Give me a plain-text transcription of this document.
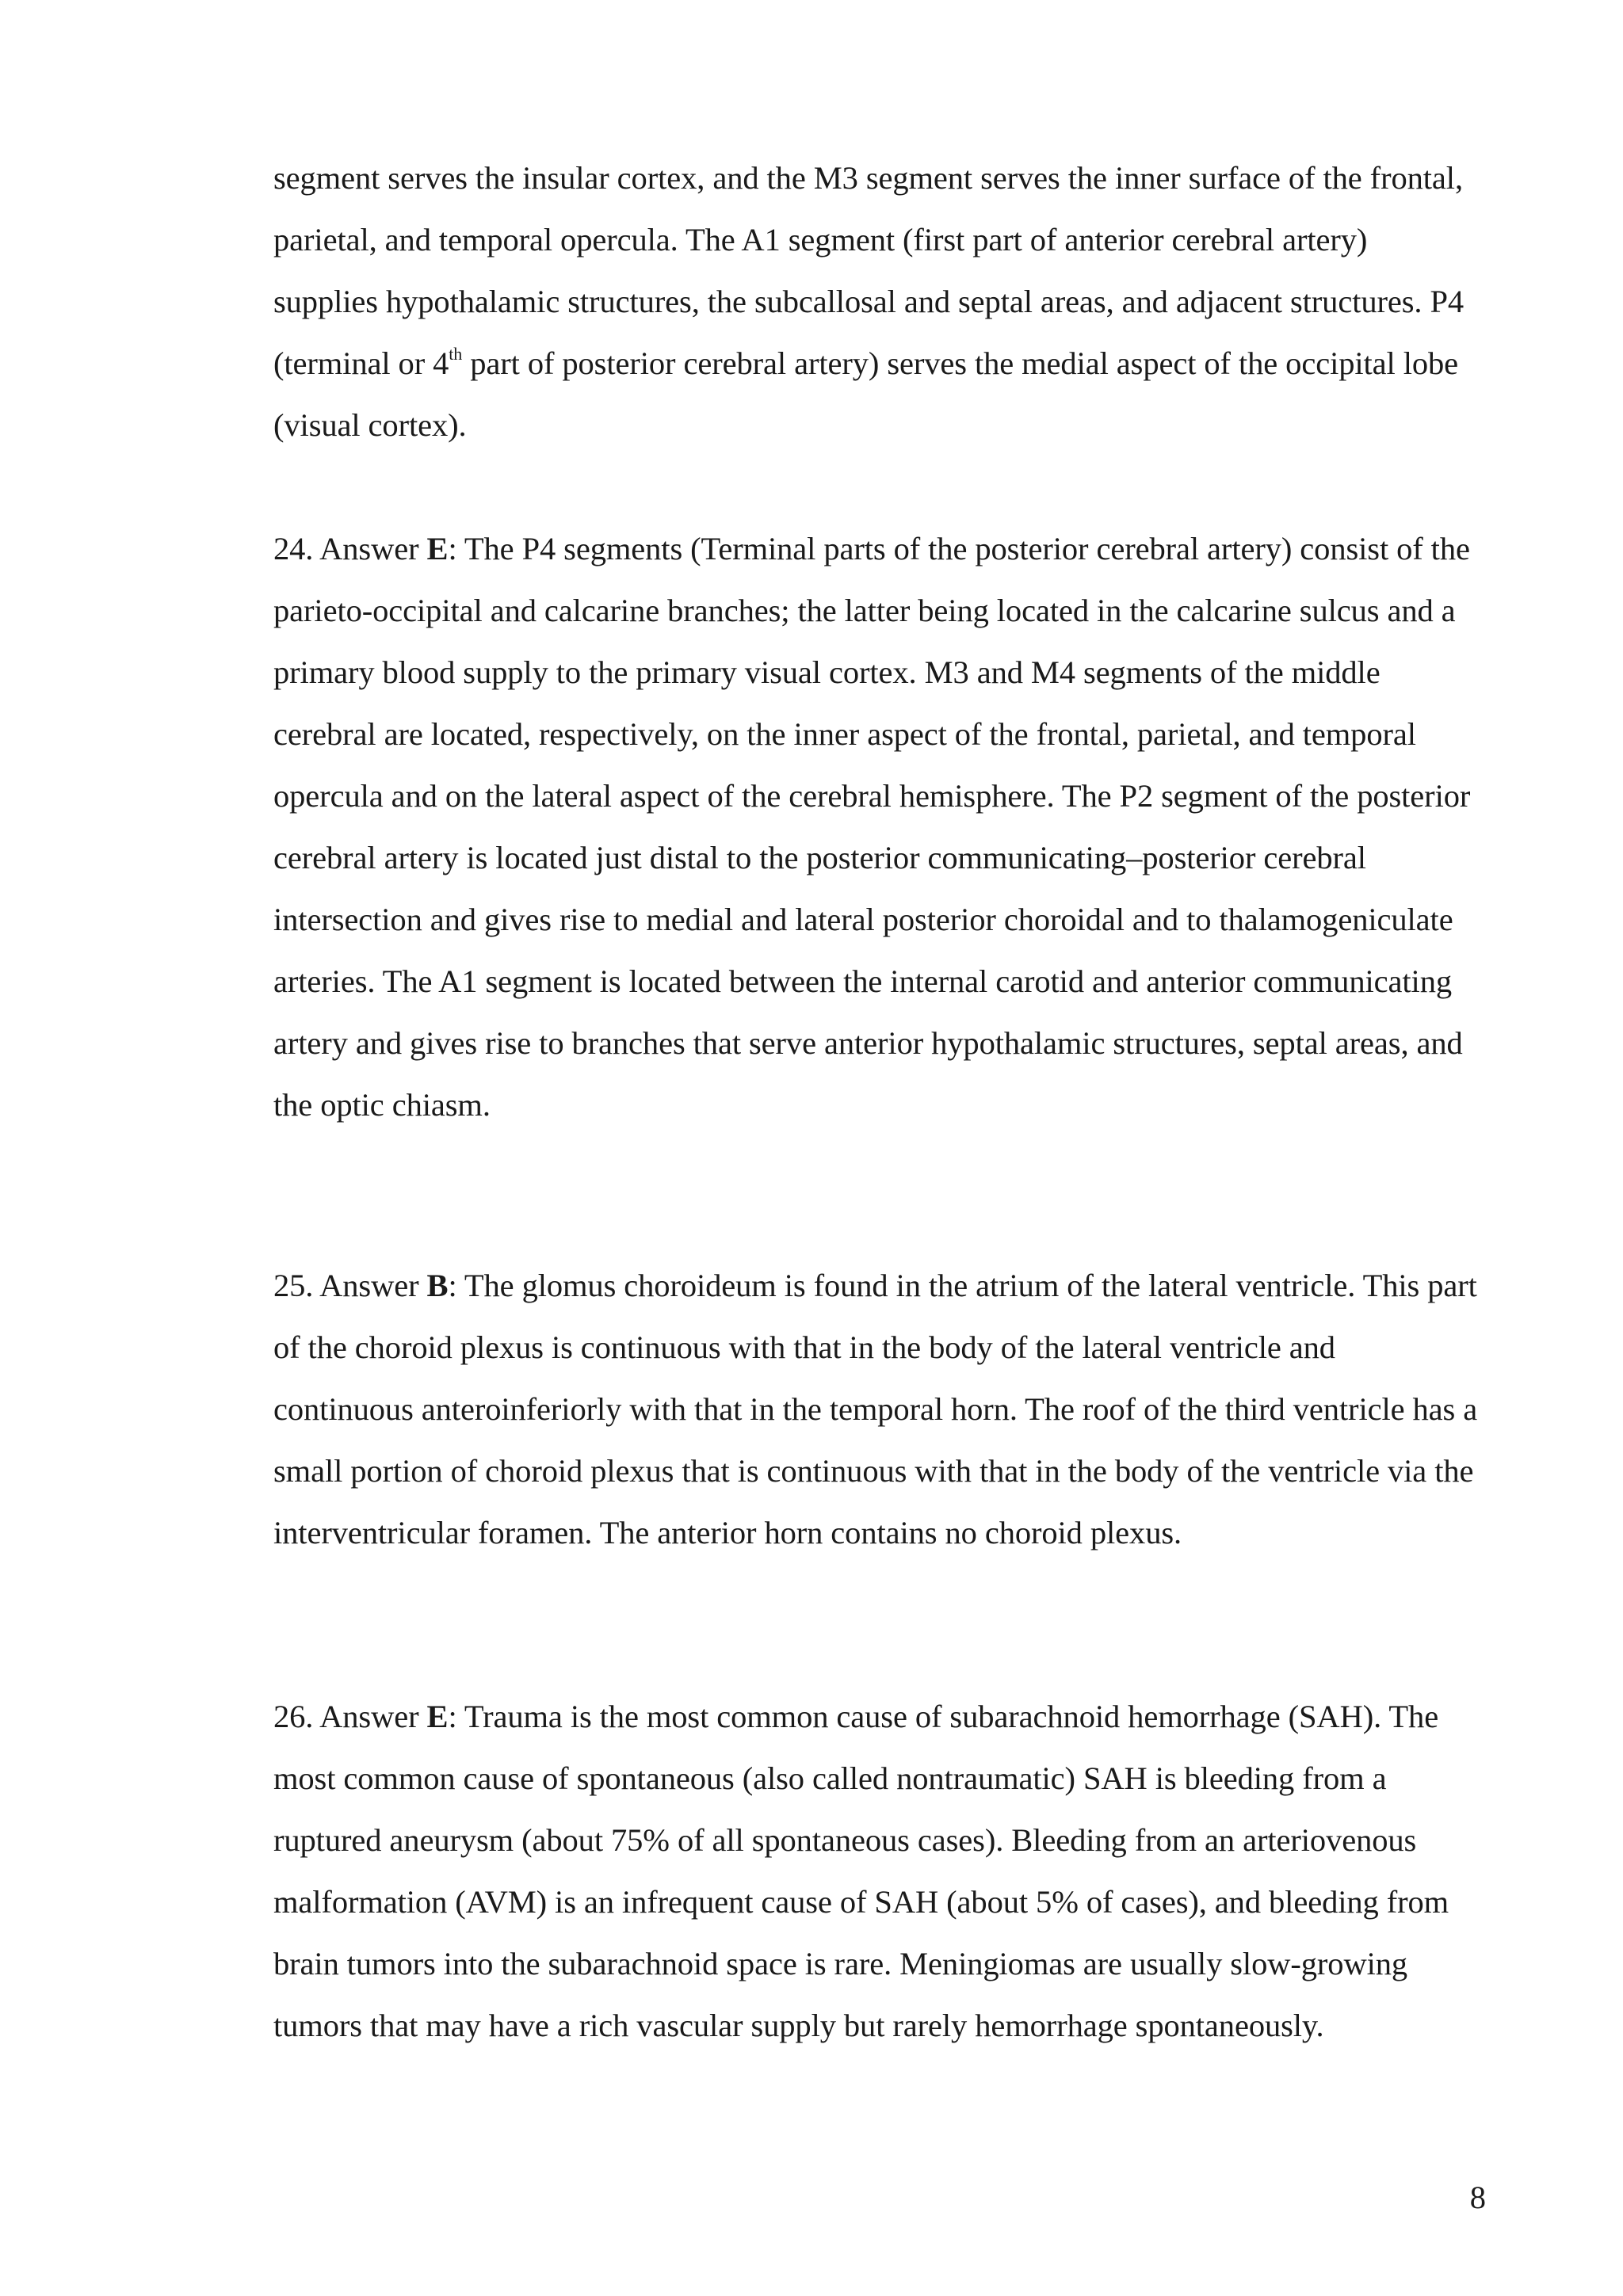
segment serves the insular cortex, and the M3 segment serves the inner surface of the frontal, parietal, and temporal opercula. The A1 segment (first part of anterior cerebral artery) supplies hypothalamic structures, the subcallosal and septal areas, and adjacent structures. P4 (terminal or 4th part of posterior cerebral artery) serves the medial aspect of the occipital lobe (visual cortex).

24. Answer E: The P4 segments (Terminal parts of the posterior cerebral artery) consist of the parieto-occipital and calcarine branches; the latter being located in the calcarine sulcus and a primary blood supply to the primary visual cortex. M3 and M4 segments of the middle cerebral are located, respectively, on the inner aspect of the frontal, parietal, and temporal opercula and on the lateral aspect of the cerebral hemisphere. The P2 segment of the posterior cerebral artery is located just distal to the posterior communicating–posterior cerebral intersection and gives rise to medial and lateral posterior choroidal and to thalamogeniculate arteries. The A1 segment is located between the internal carotid and anterior communicating artery and gives rise to branches that serve anterior hypothalamic structures, septal areas, and the optic chiasm.

25. Answer B: The glomus choroideum is found in the atrium of the lateral ventricle. This part of the choroid plexus is continuous with that in the body of the lateral ventricle and continuous anteroinferiorly with that in the temporal horn. The roof of the third ventricle has a small portion of choroid plexus that is continuous with that in the body of the ventricle via the interventricular foramen. The anterior horn contains no choroid plexus.

26. Answer E: Trauma is the most common cause of subarachnoid hemorrhage (SAH). The most common cause of spontaneous (also called nontraumatic) SAH is bleeding from a ruptured aneurysm (about 75% of all spontaneous cases). Bleeding from an arteriovenous malformation (AVM) is an infrequent cause of SAH (about 5% of cases), and bleeding from brain tumors into the subarachnoid space is rare. Meningiomas are usually slow-growing tumors that may have a rich vascular supply but rarely hemorrhage spontaneously.

8
